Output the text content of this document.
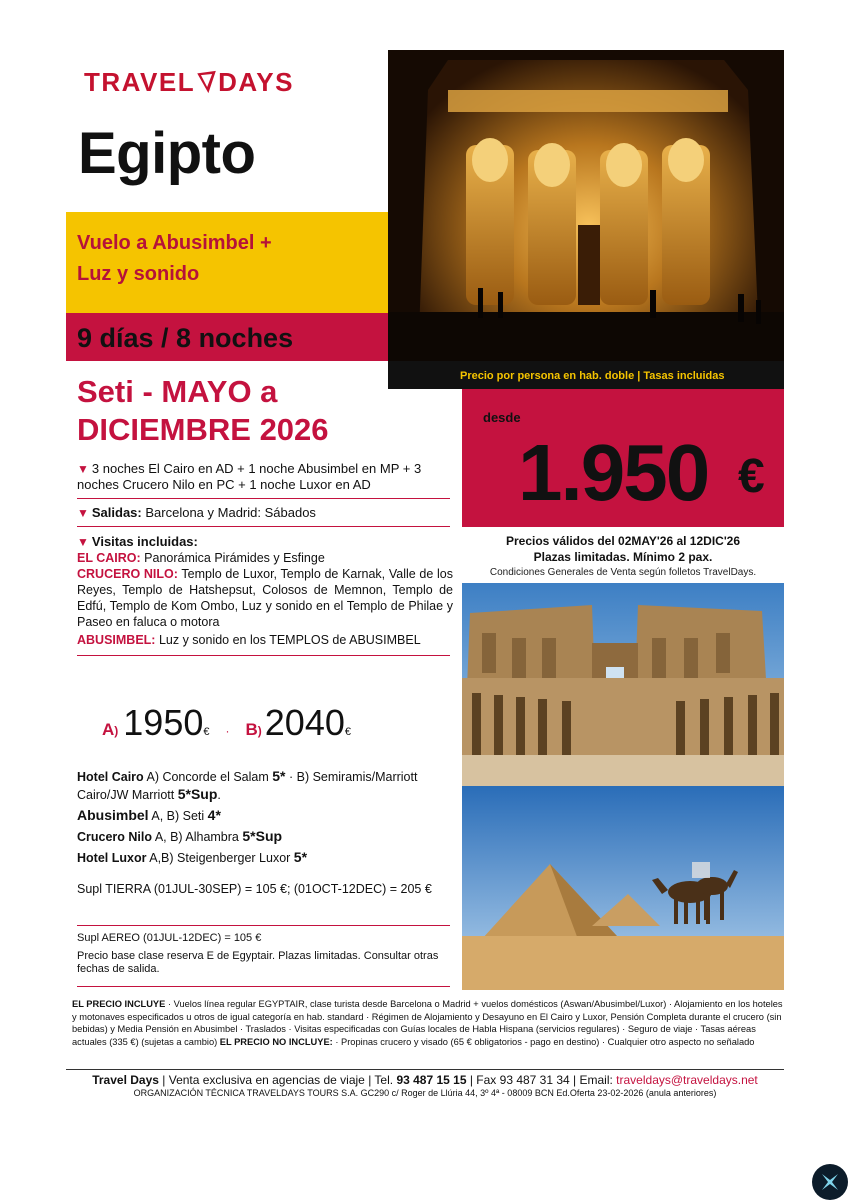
TRAVEL DAYS
Egipto
Vuelo a Abusimbel +
Luz y sonido
9 días / 8 noches
Precio por persona en hab. doble | Tasas incluidas
desde
1.950 €
Precios válidos del 02MAY'26 al 12DIC'26
Plazas limitadas. Mínimo 2 pax.
Condiciones Generales de Venta según folletos TravelDays.
Seti - MAYO a
DICIEMBRE 2026
▼ 3 noches El Cairo en AD + 1 noche Abusimbel en MP + 3 noches Crucero Nilo en PC + 1 noche Luxor en AD
▼ Salidas: Barcelona y Madrid: Sábados
▼ Visitas incluidas:
EL CAIRO: Panorámica Pirámides y Esfinge
CRUCERO NILO: Templo de Luxor, Templo de Karnak, Valle de los Reyes, Templo de Hatshepsut, Colosos de Memnon, Templo de Edfú, Templo de Kom Ombo, Luz y sonido en el Templo de Philae y Paseo en faluca o motora
ABUSIMBEL: Luz y sonido en los TEMPLOS de ABUSIMBEL
A ) 1950 € · B ) 2040 €
Hotel Cairo A) Concorde el Salam 5* · B) Semiramis/Marriott Cairo/JW Marriott 5*Sup.
Abusimbel A, B) Seti 4*
Crucero Nilo A, B) Alhambra 5*Sup
Hotel Luxor A,B) Steigenberger Luxor 5*
Supl TIERRA (01JUL-30SEP) = 105 €; (01OCT-12DEC) = 205 €
Supl AEREO (01JUL-12DEC) = 105 €
Precio base clase reserva E de Egyptair. Plazas limitadas. Consultar otras fechas de salida.
EL PRECIO INCLUYE · Vuelos línea regular EGYPTAIR, clase turista desde Barcelona o Madrid + vuelos domésticos (Aswan/Abusimbel/Luxor) · Alojamiento en los hoteles y motonaves especificados u otros de igual categoría en hab. standard · Régimen de Alojamiento y Desayuno en El Cairo y Luxor, Pensión Completa durante el crucero (sin bebidas) y Media Pensión en Abusimbel · Traslados · Visitas especificadas con Guías locales de Habla Hispana (servicios regulares) · Seguro de viaje · Tasas aéreas actuales (335 €) (sujetas a cambio) EL PRECIO NO INCLUYE: · Propinas crucero y visado (65 € obligatorios - pago en destino) · Cualquier otro aspecto no señalado
Travel Days | Venta exclusiva en agencias de viaje | Tel. 93 487 15 15 | Fax 93 487 31 34 | Email: traveldays@traveldays.net
ORGANIZACIÓN TÉCNICA TRAVELDAYS TOURS S.A. GC290 c/ Roger de Llúria 44, 3º 4ª - 08009 BCN Ed.Oferta 23-02-2026 (anula anteriores)
